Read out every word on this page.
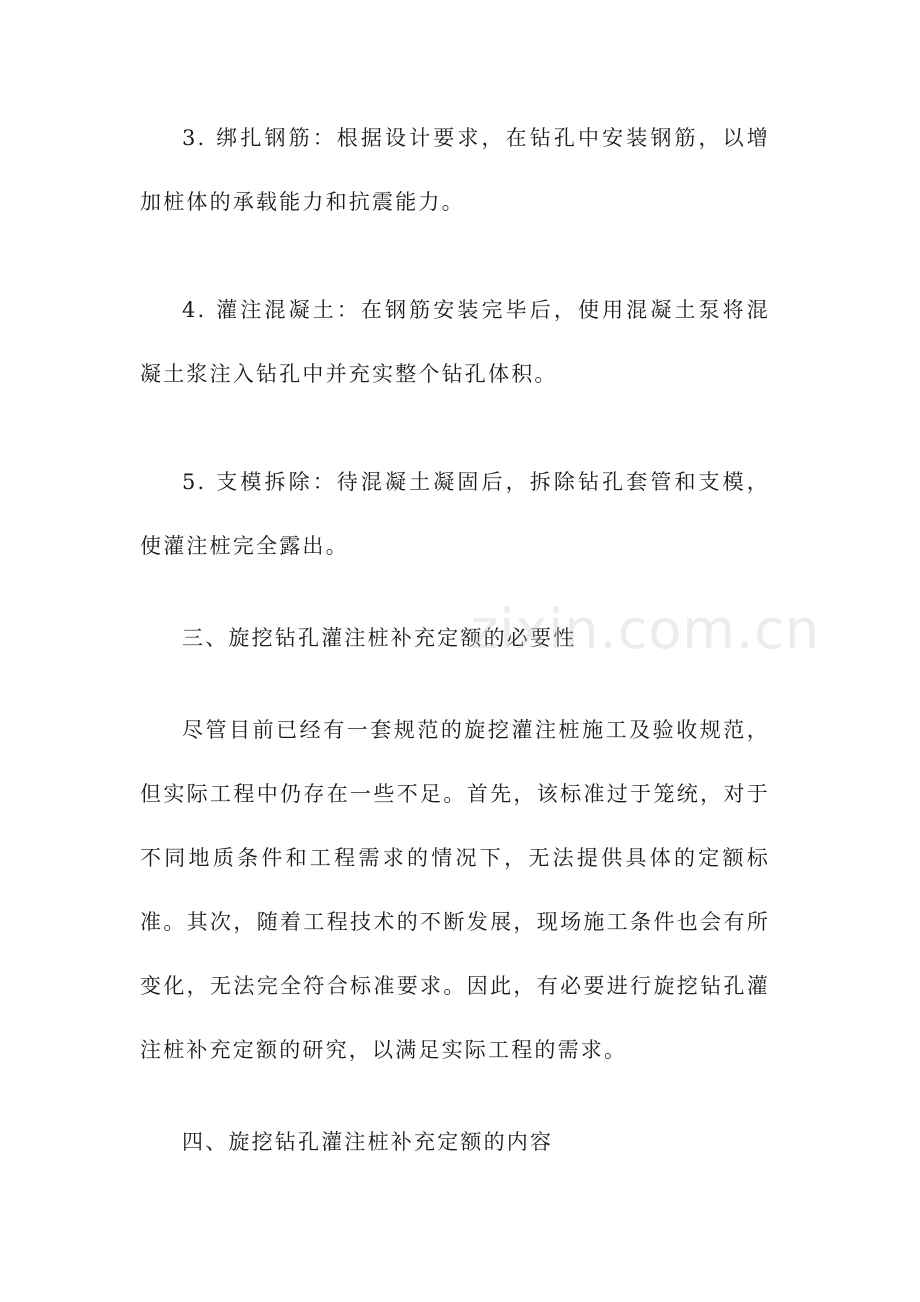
3. 绑扎钢筋：根据设计要求，在钻孔中安装钢筋，以增加桩体的承载能力和抗震能力。

4. 灌注混凝土：在钢筋安装完毕后，使用混凝土泵将混凝土浆注入钻孔中并充实整个钻孔体积。

5. 支模拆除：待混凝土凝固后，拆除钻孔套管和支模，使灌注桩完全露出。

三、旋挖钻孔灌注桩补充定额的必要性

尽管目前已经有一套规范的旋挖灌注桩施工及验收规范，但实际工程中仍存在一些不足。首先，该标准过于笼统，对于不同地质条件和工程需求的情况下，无法提供具体的定额标准。其次，随着工程技术的不断发展，现场施工条件也会有所变化，无法完全符合标准要求。因此，有必要进行旋挖钻孔灌注桩补充定额的研究，以满足实际工程的需求。

四、旋挖钻孔灌注桩补充定额的内容

zixin.com.cn
